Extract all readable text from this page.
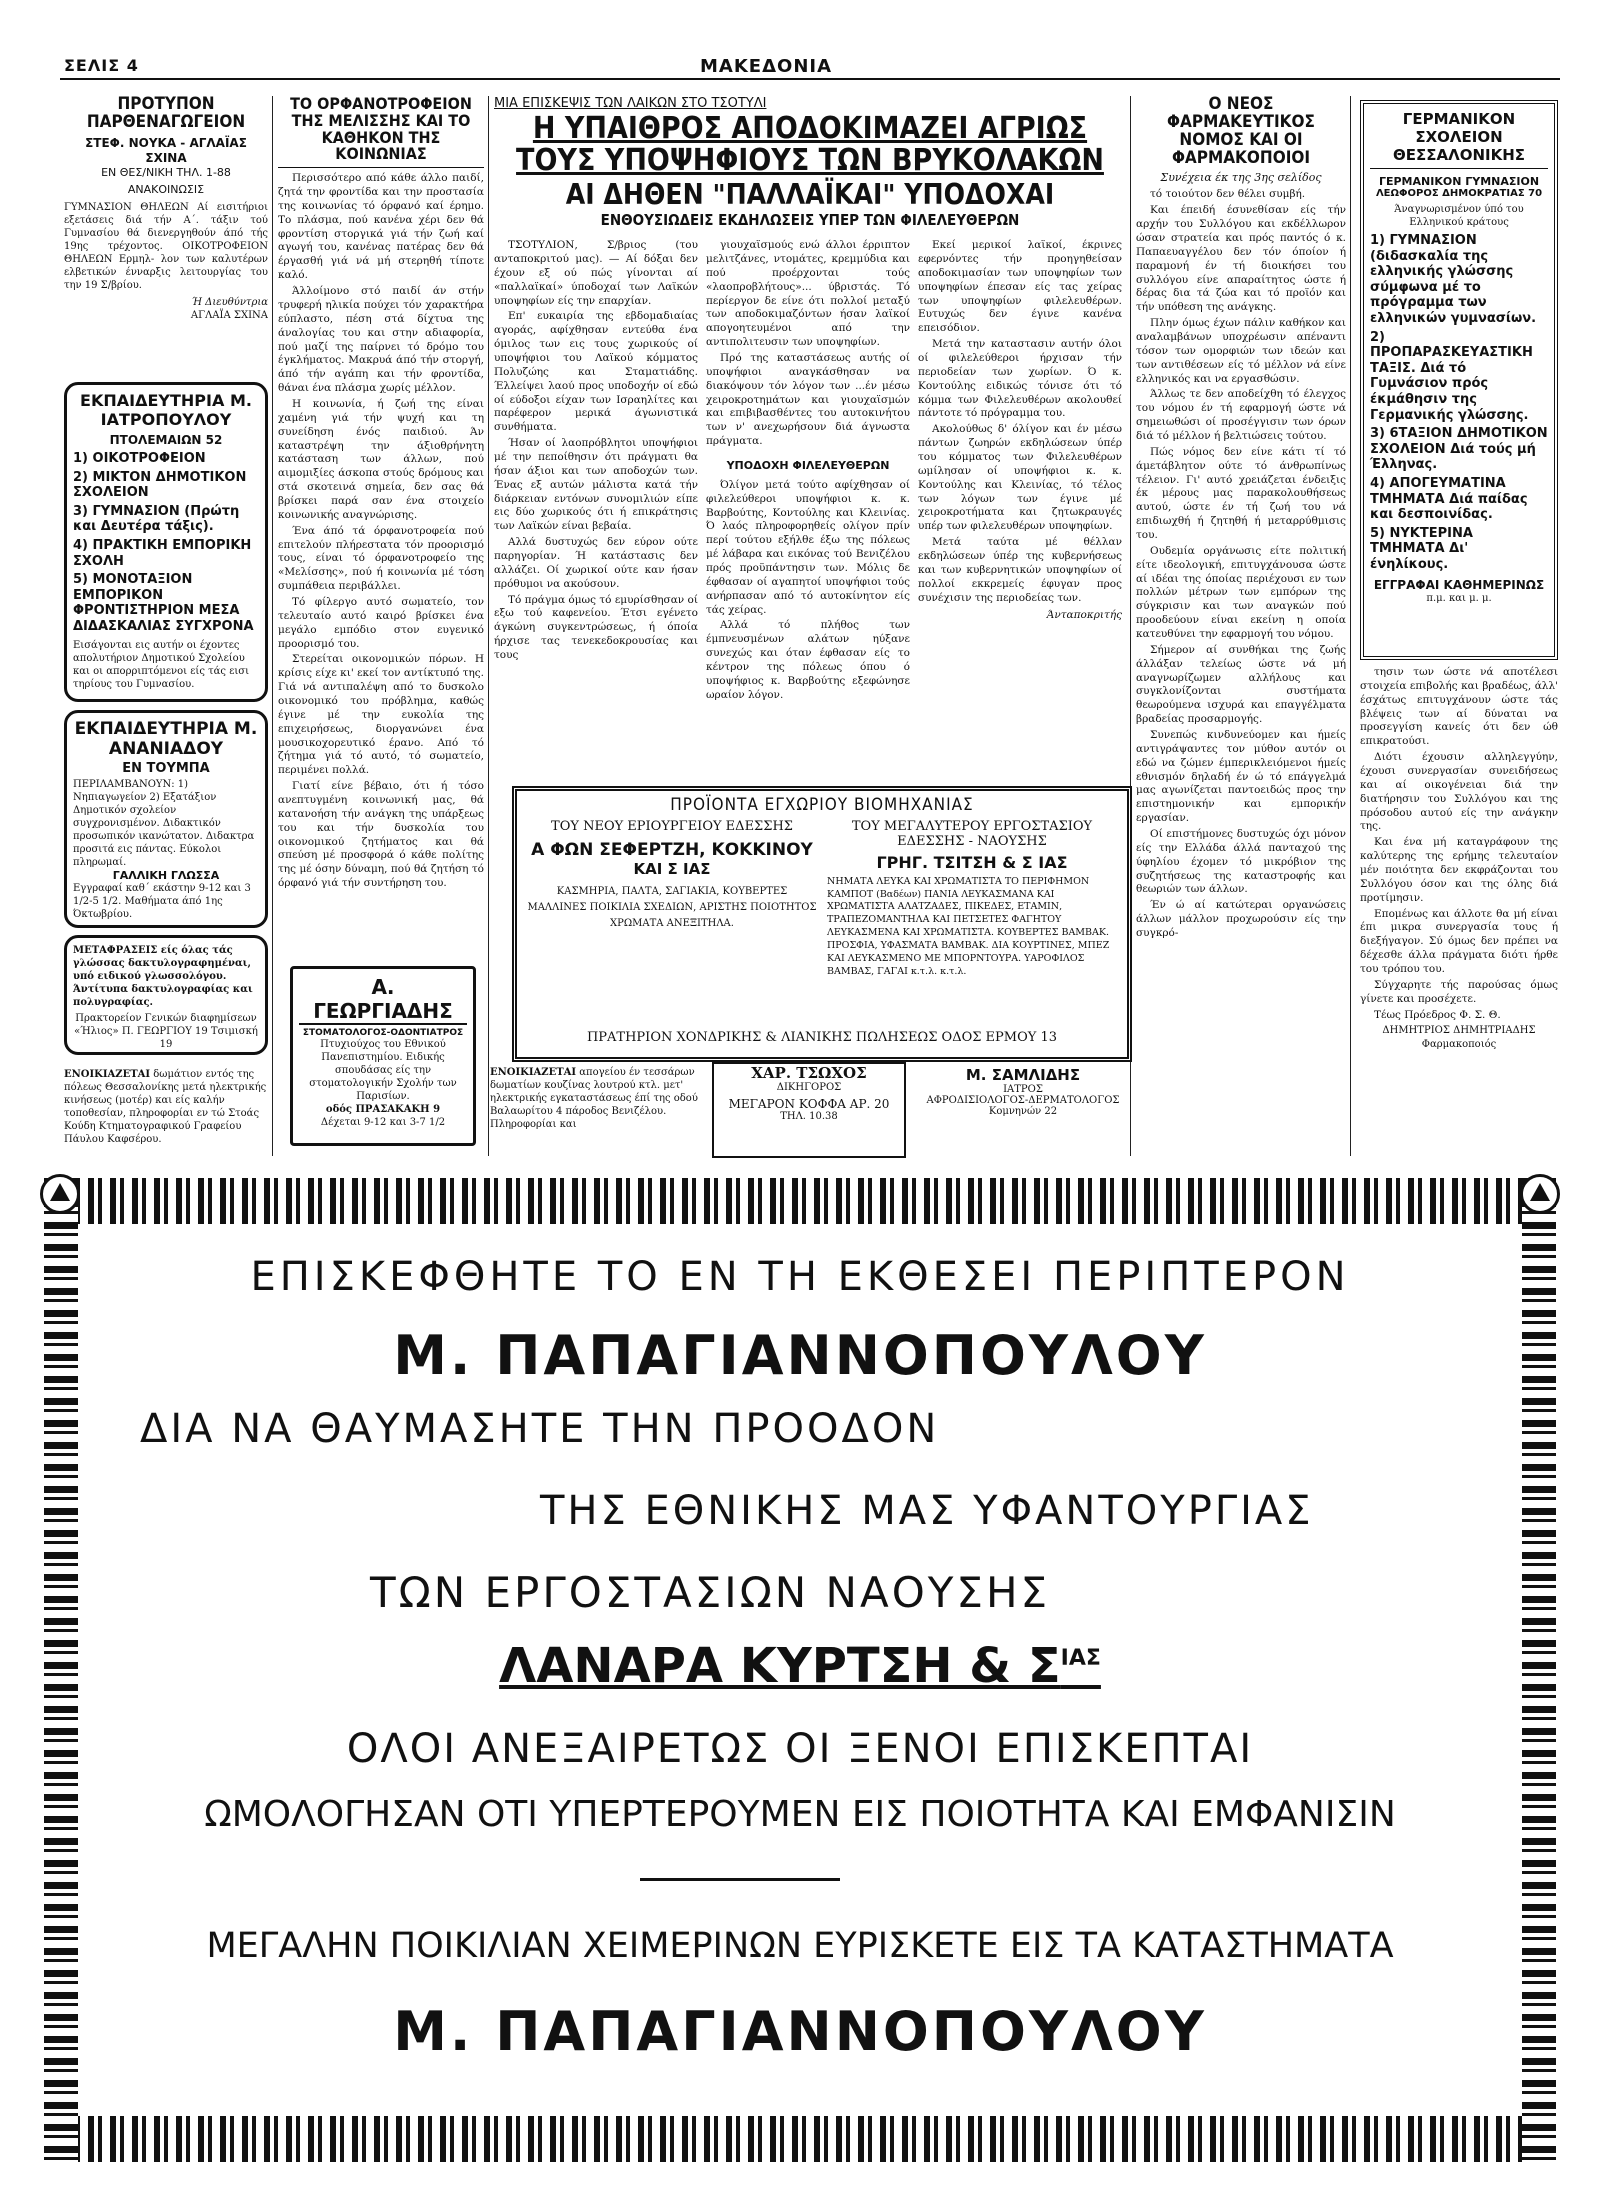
ΣΕΛΙΣ 4	ΜΑΚΕΔΟΝΙΑ
ΠΡΟΤΥΠΟΝ ΠΑΡΘΕΝΑΓΩΓΕΙΟΝ
ΣΤΕΦ. ΝΟΥΚΑ - ΑΓΛΑΪΑΣ ΣΧΙΝΑ
ΕΝ ΘΕΣ/ΝΙΚΗ ΤΗΛ. 1-88
ΑΝΑΚΟΙΝΩΣΙΣ
ΓΥΜΝΑΣΙΟΝ ΘΗΛΕΩΝ Αί εισιτήριοι εξετάσεις διά τήν Α΄. τάξιν τού Γυμνασίου θά διενεργηθούν άπό τής 19ης τρέχοντος. ΟΙΚΟΤΡΟΦΕΙΟΝ ΘΗΛΕΩΝ Ερμηλ- λον των καλυτέρων ελβετικών ένναρξις λειτουργίας του την 19 Σ/βρίου.
Ή Διευθύντρια
ΑΓΛΑΪΑ ΣΧΙΝΑ
ΕΚΠΑΙΔΕΥΤΗΡΙΑ Μ. ΙΑΤΡΟΠΟΥΛΟΥ
ΠΤΟΛΕΜΑΙΩΝ 52
1) ΟΙΚΟΤΡΟΦΕΙΟΝ
2) ΜΙΚΤΟΝ ΔΗΜΟΤΙΚΟΝ ΣΧΟΛΕΙΟΝ
3) ΓΥΜΝΑΣΙΟΝ (Πρώτη και Δευτέρα τάξις).
4) ΠΡΑΚΤΙΚΗ ΕΜΠΟΡΙΚΗ ΣΧΟΛΗ
5) ΜΟΝΟΤΑΞΙΟΝ ΕΜΠΟΡΙΚΟΝ ΦΡΟΝΤΙΣΤΗΡΙΟΝ ΜΕΣΑ ΔΙΔΑΣΚΑΛΙΑΣ ΣΥΓΧΡΟΝΑ
Εισάγονται εις αυτήν οι έχοντες απολυτήριον Δημοτικού Σχολείου και οι απορριπτόμενοι είς τάς εισι τηρίους του Γυμνασίου.
ΕΚΠΑΙΔΕΥΤΗΡΙΑ Μ. ΑΝΑΝΙΑΔΟΥ
ΕΝ ΤΟΥΜΠΑ
ΠΕΡΙΛΑΜΒΑΝΟΥΝ: 1) Νηπιαγωγείον 2) Εξατάξιον Δημοτικόν σχολείον συγχρονισμένον. Διδακτικόν προσωπικόν ικανώτατον. Διδακτρα προσιτά εις πάντας. Εύκολοι πληρωμαί.
ΓΑΛΛΙΚΗ ΓΛΩΣΣΑ
Εγγραφαί καθ΄ εκάστην 9-12 και 3 1/2-5 1/2. Μαθήματα άπό 1ης Όκτωβρίου.
ΜΕΤΑΦΡΑΣΕΙΣ είς όλας τάς γλώσσας δακτυλογραφημέναι, υπό ειδικού γλωσσολόγου. Άντίτυπα δακτυλογραφίας και πολυγραφίας.
Πρακτορείον Γενικών διαφημίσεων «Ήλιος» Π. ΓΕΩΡΓΙΟΥ 19 Τσιμισκή 19
ΕΝΟΙΚΙΑΖΕΤΑΙ δωμάτιον εντός της πόλεως Θεσσαλονίκης μετά ηλεκτρικής κινήσεως (μοτέρ) και είς καλήν τοποθεσίαν, πληροφορίαι εν τώ Στοάς Κούδη Κτηματογραφικού Γραφείου Πάυλου Καφσέρου.
ΤΟ ΟΡΦΑΝΟΤΡΟΦΕΙΟΝ ΤΗΣ ΜΕΛΙΣΣΗΣ ΚΑΙ ΤΟ ΚΑΘΗΚΟΝ ΤΗΣ ΚΟΙΝΩΝΙΑΣ

Περισσότερο από κάθε άλλο παιδί, ζητά την φροντίδα και την προστασία της κοινωνίας τό όρφανό καί έρημο. Το πλάσμα, πού κανένα χέρι δεν θά φροντίση στοργικά γιά τήν ζωή καί αγωγή του, κανένας πατέρας δεν θά έργασθή γιά νά μή στερηθή τίποτε καλό.

Άλλοίμονο στό παιδί άν στήν τρυφερή ηλικία πούχει τόν χαρακτήρα εύπλαστο, πέση στά δίχτυα της άναλογίας του και στην αδιαφορία, πού μαζί της παίρνει τό δρόμο του έγκλήματος. Μακρυά άπό τήν στοργή, άπό τήν αγάπη και τήν φροντίδα, θάναι ένα πλάσμα χωρίς μέλλον.

Η κοινωνία, ή ζωή της είναι χαμένη γιά τήν ψυχή και τη συνείδηση ένός παιδιού. Άν καταστρέψη την άξιοθρήνητη κατάσταση των άλλων, πού αιμομιξίες άσκοπα στούς δρόμους και στά σκοτεινά σημεία, δεν σας θά βρίσκει παρά σαν ένα στοιχείο κοινωνικής αναγνώρισης.

Ένα άπό τά όρφανοτροφεία πού επιτελούν πλήρεστατα τόν προορισμό τους, είναι τό όρφανοτροφείο της «Μελίσσης», πού ή κοινωνία μέ τόση συμπάθεια περιβάλλει.

Τό φίλεργο αυτό σωματείο, τον τελευταίο αυτό καιρό βρίσκει ένα μεγάλο εμπόδιο στον ευγενικό προορισμό του.

Στερείται οικονομικών πόρων. Η κρίσις είχε κι' εκεί τον αντίκτυπό της. Γιά νά αντιπαλέψη από το δυσκολο οικονομικό του πρόβλημα, καθώς έγινε μέ την ευκολία της επιχειρήσεως, διοργανώνει ένα μουσικοχορευτικό έρανο. Από τό ζήτημα γιά τό αυτό, τό σωματείο, περιμένει πολλά.

Γιατί είνε βέβαιο, ότι ή τόσο ανεπτυγμένη κοινωνική μας, θά κατανοήση τήν ανάγκη της υπάρξεως του και τήν δυσκολία του οικονομικού ζητήματος και θά σπεύση μέ προσφορά ό κάθε πολίτης της μέ όσην δύναμη, πού θά ζητήση τό όρφανό γιά τήν συντήρηση του.

Α. ΓΕΩΡΓΙΑΔΗΣ
ΣΤΟΜΑΤΟΛΟΓΟΣ-ΟΔΟΝΤΙΑΤΡΟΣ
Πτυχιούχος του Εθνικού Πανεπιστημίου. Ειδικής σπουδάσας είς την στοματολογικήν Σχολήν των Παρισίων.
οδός ΠΡΑΣΑΚΑΚΗ 9
Δέχεται 9-12 και 3-7 1/2
ΜΙΑ ΕΠΙΣΚΕΨΙΣ ΤΩΝ ΛΑΪΚΩΝ ΣΤΟ ΤΣΟΤΥΛΙ
Η ΥΠΑΙΘΡΟΣ ΑΠΟΔΟΚΙΜΑΖΕΙ ΑΓΡΙΩΣ
ΤΟΥΣ ΥΠΟΨΗΦΙΟΥΣ ΤΩΝ ΒΡΥΚΟΛΑΚΩΝ
ΑΙ ΔΗΘΕΝ "ΠΑΛΛΑΪΚΑΙ" ΥΠΟΔΟΧΑΙ
ΕΝΘΟΥΣΙΩΔΕΙΣ ΕΚΔΗΛΩΣΕΙΣ ΥΠΕΡ ΤΩΝ ΦΙΛΕΛΕΥΘΕΡΩΝ

ΤΣΟΤΥΛΙΟΝ, Σ/βριος (του ανταποκριτού μας). — Αί δόξαι δεν έχουν εξ ού πώς γίνονται αί «παλλαϊκαί» ύποδοχαί των Λαϊκών υποψηφίων είς την επαρχίαν.

Επ' ευκαιρία της εβδομαδιαίας αγοράς, αφίχθησαν εντεύθα ένα όμιλος των εις τους χωρικούς οί υποψήφιοι του Λαϊκού κόμματος Πολυζώης και Σταματιάδης. Έλλείψει λαού προς υποδοχήν οί εδώ οί εύδοξοι είχαν των Ισραηλίτες και παρέφερον μερικά άγωνιστικά συνθήματα.

Ήσαν οί λαοπρόβλητοι υποψήφιοι μέ την πεποίθησιν ότι πράγματι θα ήσαν άξιοι και των αποδοχών των. Ένας εξ αυτών μάλιστα κατά τήν διάρκειαν εντόνων συνομιλιών είπε εις δύο χωρικούς ότι ή επικράτησις των Λαϊκών είναι βεβαία.

Αλλά δυστυχώς δεν εύρον ούτε παρηγορίαν. Ή κατάστασις δεν αλλάζει. Οί χωρικοί ούτε καν ήσαν πρόθυμοι να ακούσουν.

Τό πράγμα όμως τό εμυρίσθησαν οί εξω τού καφενείου. Έτσι εγένετο άγκώνη συγκεντρώσεως, ή όποία ήρχισε τας τενεκεδοκρουσίας και τους

γιουχαϊσμούς ενώ άλλοι έρριπτον μελιτζάνες, ντομάτες, κρεμμύδια και πού προέρχονται τούς «λαοπροβλήτους»... ύβριστάς. Τό περίεργον δε είνε ότι πολλοί μεταξύ των αποδοκιμαζόντων ήσαν λαϊκοί απογοητευμένοι από την αντιπολιτευσιν των υποψηφίων.

Πρό της καταστάσεως αυτής οί υποψήφιοι αναγκάσθησαν να διακόψουν τόν λόγον των ...έν μέσω χειροκροτημάτων και γιουχαϊσμών και επιβιβασθέντες του αυτοκινήτου των ν' ανεχωρήσουν διά άγνωστα πράγματα.

ΥΠΟΔΟΧΗ ΦΙΛΕΛΕΥΘΕΡΩΝ

Όλίγον μετά τούτο αφίχθησαν οί φιλελεύθεροι υποψήφιοι κ. κ. Βαρβούτης, Κοντούλης και Κλεινίας. Ό λαός πληροφορηθείς ολίγον πρίν περί τούτου εξήλθε έξω της πόλεως μέ λάβαρα και εικόνας τού Βενιζέλου πρός προϋπάντησιν των. Μόλις δε έφθασαν οί αγαπητοί υποψήφιοι τούς ανήρπασαν από τό αυτοκίνητον είς τάς χείρας.

Αλλά τό πλήθος των έμπνευσμένων αλάτων ηύξανε συνεχώς και όταν έφθασαν είς το κέντρον της πόλεως όπου ό υποψήφιος κ. Βαρβούτης εξεφώνησε ωραίον λόγον.

Εκεί μερικοί λαϊκοί, έκρινες εφερνόντες τήν προηγηθείσαν αποδοκιμασίαν των υποψηφίων των υποψηφίων έπεσαν είς τας χείρας των υποψηφίων φιλελευθέρων. Ευτυχώς δεν έγινε κανένα επεισόδιον.

Μετά την καταστασιν αυτήν όλοι οί φιλελεύθεροι ήρχισαν τήν περιοδείαν των χωρίων. Ό κ. Κοντούλης ειδικώς τόνισε ότι τό κόμμα των Φιλελευθέρων ακολουθεί πάντοτε τό πρόγραμμα του.

Ακολούθως δ' όλίγον και έν μέσω πάντων ζωηρών εκδηλώσεων ύπέρ του κόμματος των Φιλελευθέρων ωμίλησαν οί υποψήφιοι κ. κ. Κοντούλης και Κλεινίας, τό τέλος των λόγων των έγινε μέ χειροκροτήματα και ζητωκραυγές υπέρ των φιλελευθέρων υποψηφίων.

Μετά ταύτα μέ θέλλαν εκδηλώσεων ύπέρ της κυβερνήσεως και των κυβερνητικών υποψηφίων οί πολλοί εκκρεμείς έφυγαν προς συνέχισιν της περιοδείας των.

Άνταποκριτής
ΠΡΟΪΟΝΤΑ ΕΓΧΩΡΙΟΥ ΒΙΟΜΗΧΑΝΙΑΣ
ΤΟΥ ΝΕΟΥ ΕΡΙΟΥΡΓΕΙΟΥ ΕΔΕΣΣΗΣ
Α ΦΩΝ ΣΕΦΕΡΤΖΗ, ΚΟΚΚΙΝΟΥ
ΚΑΙ Σ ΙΑΣ
ΚΑΣΜΗΡΙΑ, ΠΑΛΤΑ, ΣΑΓΙΑΚΙΑ, ΚΟΥΒΕΡΤΕΣ ΜΑΛΛΙΝΕΣ ΠΟΙΚΙΛΙΑ ΣΧΕΔΙΩΝ, ΑΡΙΣΤΗΣ ΠΟΙΟΤΗΤΟΣ ΧΡΩΜΑΤΑ ΑΝΕΞΙΤΗΛΑ.
ΤΟΥ ΜΕΓΑΛΥΤΕΡΟΥ ΕΡΓΟΣΤΑΣΙΟΥ ΕΔΕΣΣΗΣ - ΝΑΟΥΣΗΣ
ΓΡΗΓ. ΤΣΙΤΣΗ & Σ ΙΑΣ
ΝΗΜΑΤΑ ΛΕΥΚΑ ΚΑΙ ΧΡΩΜΑΤΙΣΤΑ ΤΟ ΠΕΡΙΦΗΜΟΝ ΚΑΜΠΟΤ (Βαδέων) ΠΑΝΙΑ ΛΕΥΚΑΣΜΑΝΑ ΚΑΙ ΧΡΩΜΑΤΙΣΤΑ ΑΛΑΤΖΑΔΕΣ, ΠΙΚΕΔΕΣ, ΕΤΑΜΙΝ, ΤΡΑΠΕΖΟΜΑΝΤΗΛΑ ΚΑΙ ΠΕΤΣΕΤΕΣ ΦΑΓΗΤΟΥ ΛΕΥΚΑΣΜΕΝΑ ΚΑΙ ΧΡΩΜΑΤΙΣΤΑ. ΚΟΥΒΕΡΤΕΣ ΒΑΜΒΑΚ. ΠΡΟΣΦΙΑ, ΥΦΑΣΜΑΤΑ ΒΑΜΒΑΚ. ΔΙΑ ΚΟΥΡΤΙΝΕΣ, ΜΠΕΖ ΚΑΙ ΛΕΥΚΑΣΜΕΝΟ ΜΕ ΜΠΟΡΝΤΟΥΡΑ. ΥΑΡΟΦΙΛΟΣ ΒΑΜΒΑΣ, ΓΑΓΑΙ κ.τ.λ. κ.τ.λ.
ΠΡΑΤΗΡΙΟΝ ΧΟΝΔΡΙΚΗΣ & ΛΙΑΝΙΚΗΣ ΠΩΛΗΣΕΩΣ ΟΔΟΣ ΕΡΜΟΥ 13
ΕΝΟΙΚΙΑΖΕΤΑΙ απογείου έν τεσσάρων δωματίων κουζίνας λουτρού κτλ. μετ' ηλεκτρικής εγκαταστάσεως έπί της οδού Βαλαωρίτου 4 πάροδος Βενιζέλου. Πληροφορίαι και
ΧΑΡ. ΤΣΩΧΟΣ
ΔΙΚΗΓΟΡΟΣ
ΜΕΓΑΡΟΝ ΚΟΦΦΑ ΑΡ. 20
ΤΗΛ. 10.38
Μ. ΣΑΜΛΙΔΗΣ
ΙΑΤΡΟΣ
ΑΦΡΟΔΙΣΙΟΛΟΓΟΣ-ΔΕΡΜΑΤΟΛΟΓΟΣ
Κομνηνών 22
Ο ΝΕΟΣ ΦΑΡΜΑΚΕΥΤΙΚΟΣ ΝΟΜΟΣ ΚΑΙ ΟΙ ΦΑΡΜΑΚΟΠΟΙΟΙ
Συνέχεια έκ της 3ης σελίδος

τό τοιούτον δεν θέλει συμβή.

Και έπειδή έσυνεθίσαν είς τήν αρχήν του Συλλόγου και εκδέλλωρον ώσαν στρατεία και πρός παντός ό κ. Παπαευαγγέλου δεν τόν όποίον ή παραμονή έν τή διοικήσει του συλλόγου είνε απαραίτητος ώστε ή δέρας δια τά ζώα και τό προϊόν και τήν υπόθεση της ανάγκης.

Πλην όμως έχων πάλιν καθήκον και αναλαμβάνων υποχρέωσιν απέναντι τόσον των ομορφιών των ιδεών και των αντιθέσεων είς τό μέλλον νά είνε ελληνικός και να εργασθώσιν.

Άλλως τε δεν αποδείχθη τό έλεγχος του νόμου έν τή εφαρμογή ώστε νά σημειωθώσι οί προσέγγισιν των όρων διά τό μέλλον ή βελτιώσεις τούτου.

Πώς νόμος δεν είνε κάτι τί τό άμετάβλητον ούτε τό άνθρωπίνως τέλειον. Γι' αυτό χρειάζεται ένδειξις έκ μέρους μας παρακολουθήσεως αυτού, ώστε έν τή ζωή του νά επιδιωχθή ή ζητηθή ή μεταρρύθμισις του.

Ουδεμία οργάνωσις είτε πολιτική είτε ιδεολογική, επιτυγχάνουσα ώστε αί ιδέαι της όποίας περιέχουσι εν των πολλών μέτρων των εμπόρων της σύγκρισιν και των αναγκών πού προοδεύουν είναι εκείνη η οποία κατευθύνει την εφαρμογή του νόμου.

Σήμερον αί συνθήκαι της ζωής άλλάξαν τελείως ώστε νά μή αναγνωρίζωμεν αλλήλους και συγκλονίζονται συστήματα θεωρούμενα ισχυρά και επαγγέλματα βραδείας προσαρμογής.

Συνεπώς κινδυνεύομεν και ήμείς αντιγράψαντες τον μύθον αυτόν οι εδώ να ζώμεν έμπερικλειόμενοι ήμείς εθνισμόν δηλαδή έν ώ τό επάγγελμά μας αγωνίζεται παντοειδώς προς την επιστημονικήν και εμπορικήν εργασίαν.

Οί επιστήμονες δυστυχώς όχι μόνον είς την Ελλάδα άλλά πανταχού της ύφηλίου έχομεν τό μικρόβιον της συζητήσεως της καταστροφής και θεωριών των άλλων.

Έν ώ αί κατώτεραι οργανώσεις άλλων μάλλον προχωρούσιν είς την συγκρό-

ΓΕΡΜΑΝΙΚΟΝ ΣΧΟΛΕΙΟΝ
ΘΕΣΣΑΛΟΝΙΚΗΣ
ΓΕΡΜΑΝΙΚΟΝ ΓΥΜΝΑΣΙΟΝ
ΛΕΩΦΟΡΟΣ ΔΗΜΟΚΡΑΤΙΑΣ 70
Άναγνωρισμένον ύπό του Ελληνικού κράτους
1) ΓΥΜΝΑΣΙΟΝ (διδασκαλία της ελληνικής γλώσσης σύμφωνα μέ το πρόγραμμα των ελληνικών γυμνασίων.
2) ΠΡΟΠΑΡΑΣΚΕΥΑΣΤΙΚΗ ΤΑΞΙΣ. Διά τό Γυμνάσιον πρός έκμάθησιν της Γερμανικής γλώσσης.
3) 6ΤΑΞΙΟΝ ΔΗΜΟΤΙΚΟΝ ΣΧΟΛΕΙΟΝ Διά τούς μή Έλληνας.
4) ΑΠΟΓΕΥΜΑΤΙΝΑ ΤΜΗΜΑΤΑ Διά παίδας και δεσποινίδας.
5) ΝΥΚΤΕΡΙΝΑ ΤΜΗΜΑΤΑ Δι' ένηλίκους.
ΕΓΓΡΑΦΑΙ ΚΑΘΗΜΕΡΙΝΩΣ
π.μ. και μ. μ.

τησιν των ώστε νά αποτέλεσι στοιχεία επιβολής και βραδέως, άλλ' έσχάτως επιτυγχάνουν ώστε τάς βλέψεις των αί δύναται να προσεγγίση κανείς ότι δεν ώθ επικρατούσι.

Διότι έχουσιν αλληλεγγύην, έχουσι συνεργασίαν συνειδήσεως και αί οικογένειαι διά την διατήρησιν του Συλλόγου και της πρόσοδου αυτού είς την ανάγκην της.

Και ένα μή καταγράφουν της καλύτερης της ερήμης τελευταίον μέν ποιότητα δεν εκφράζονται του Συλλόγου όσον και της όλης διά προτίμησιν.

Επομένως και άλλοτε θα μή είναι έπι μικρα συνεργασία τους ή διεξήγαγον. Σύ όμως δεν πρέπει να δέχεσθε άλλα πράγματα διότι ήρθε του τρόπου του.

Σύγχαρητε τής παρούσας όμως γίνετε και προσέχετε.

Τέως Πρόεδρος Φ. Σ. Θ.

ΔΗΜΗΤΡΙΟΣ ΔΗΜΗΤΡΙΑΔΗΣ Φαρμακοποιός
ΕΠΙΣΚΕΦΘΗΤΕ ΤΟ ΕΝ ΤΗ ΕΚΘΕΣΕΙ ΠΕΡΙΠΤΕΡΟΝ
Μ. ΠΑΠΑΓΙΑΝΝΟΠΟΥΛΟΥ
ΔΙΑ ΝΑ ΘΑΥΜΑΣΗΤΕ ΤΗΝ ΠΡΟΟΔΟΝ
ΤΗΣ ΕΘΝΙΚΗΣ ΜΑΣ ΥΦΑΝΤΟΥΡΓΙΑΣ
ΤΩΝ ΕΡΓΟΣΤΑΣΙΩΝ ΝΑΟΥΣΗΣ
ΛΑΝΑΡΑ ΚΥΡΤΣΗ & $\Sigma^{IA\Sigma}$
ΟΛΟΙ ΑΝΕΞΑΙΡΕΤΩΣ ΟΙ ΞΕΝΟΙ ΕΠΙΣΚΕΠΤΑΙ
ΩΜΟΛΟΓΗΣΑΝ ΟΤΙ ΥΠΕΡΤΕΡΟΥΜΕΝ ΕΙΣ ΠΟΙΟΤΗΤΑ ΚΑΙ ΕΜΦΑΝΙΣΙΝ
ΜΕΓΑΛΗΝ ΠΟΙΚΙΛΙΑΝ ΧΕΙΜΕΡΙΝΩΝ ΕΥΡΙΣΚΕΤΕ ΕΙΣ ΤΑ ΚΑΤΑΣΤΗΜΑΤΑ
Μ. ΠΑΠΑΓΙΑΝΝΟΠΟΥΛΟΥ
